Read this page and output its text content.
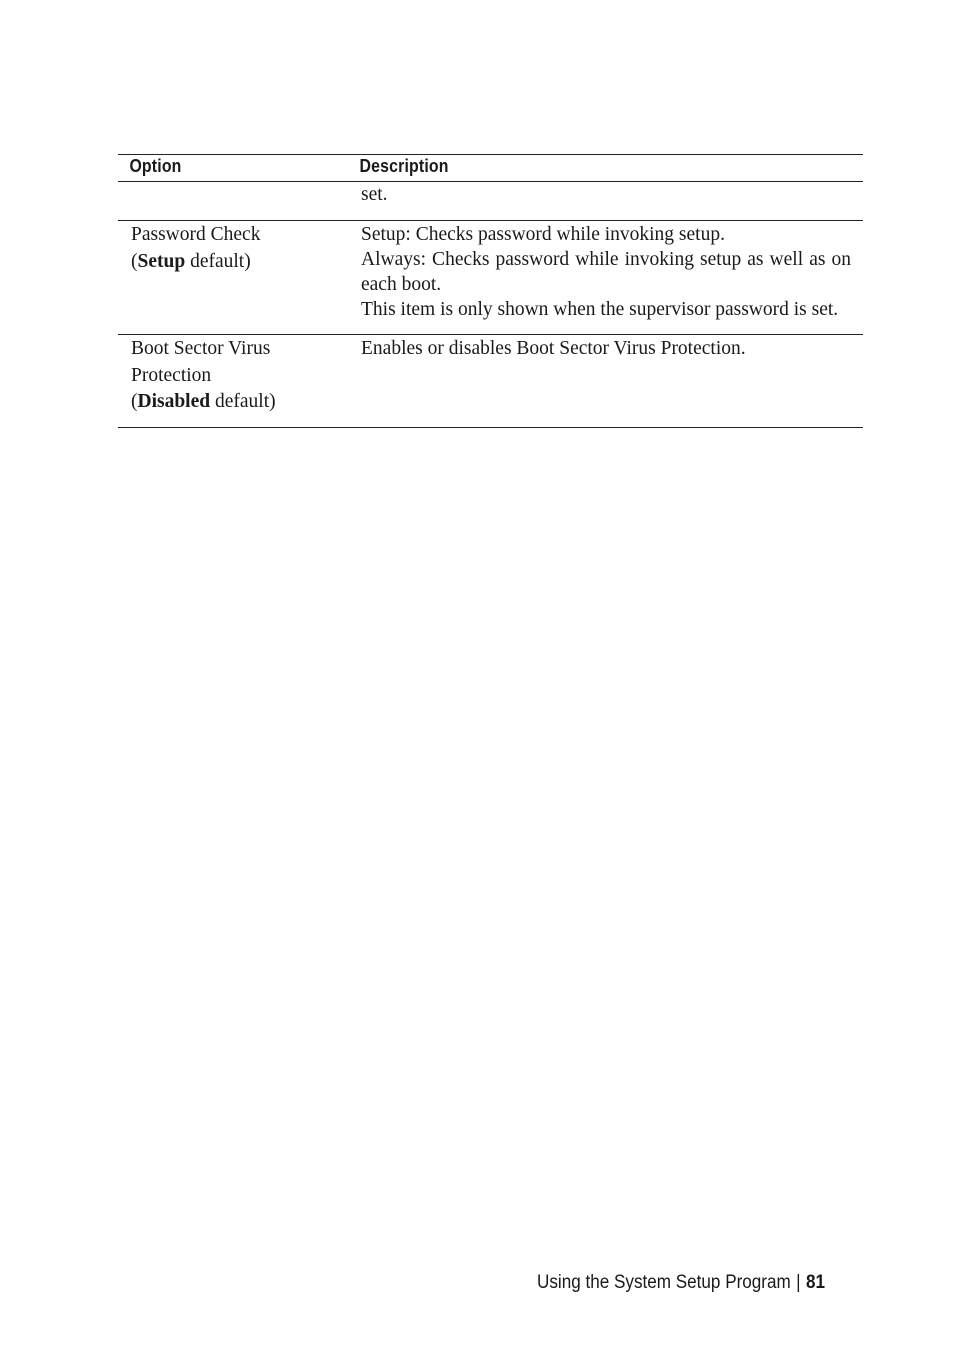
Option	Description

	set.

Password Check
(Setup default)	Setup: Checks password while invoking setup.
Always: Checks password while invoking setup as well as on each boot.
This item is only shown when the supervisor password is set.

Boot Sector Virus
Protection
(Disabled default)	Enables or disables Boot Sector Virus Protection.
Using the System Setup Program | 81
